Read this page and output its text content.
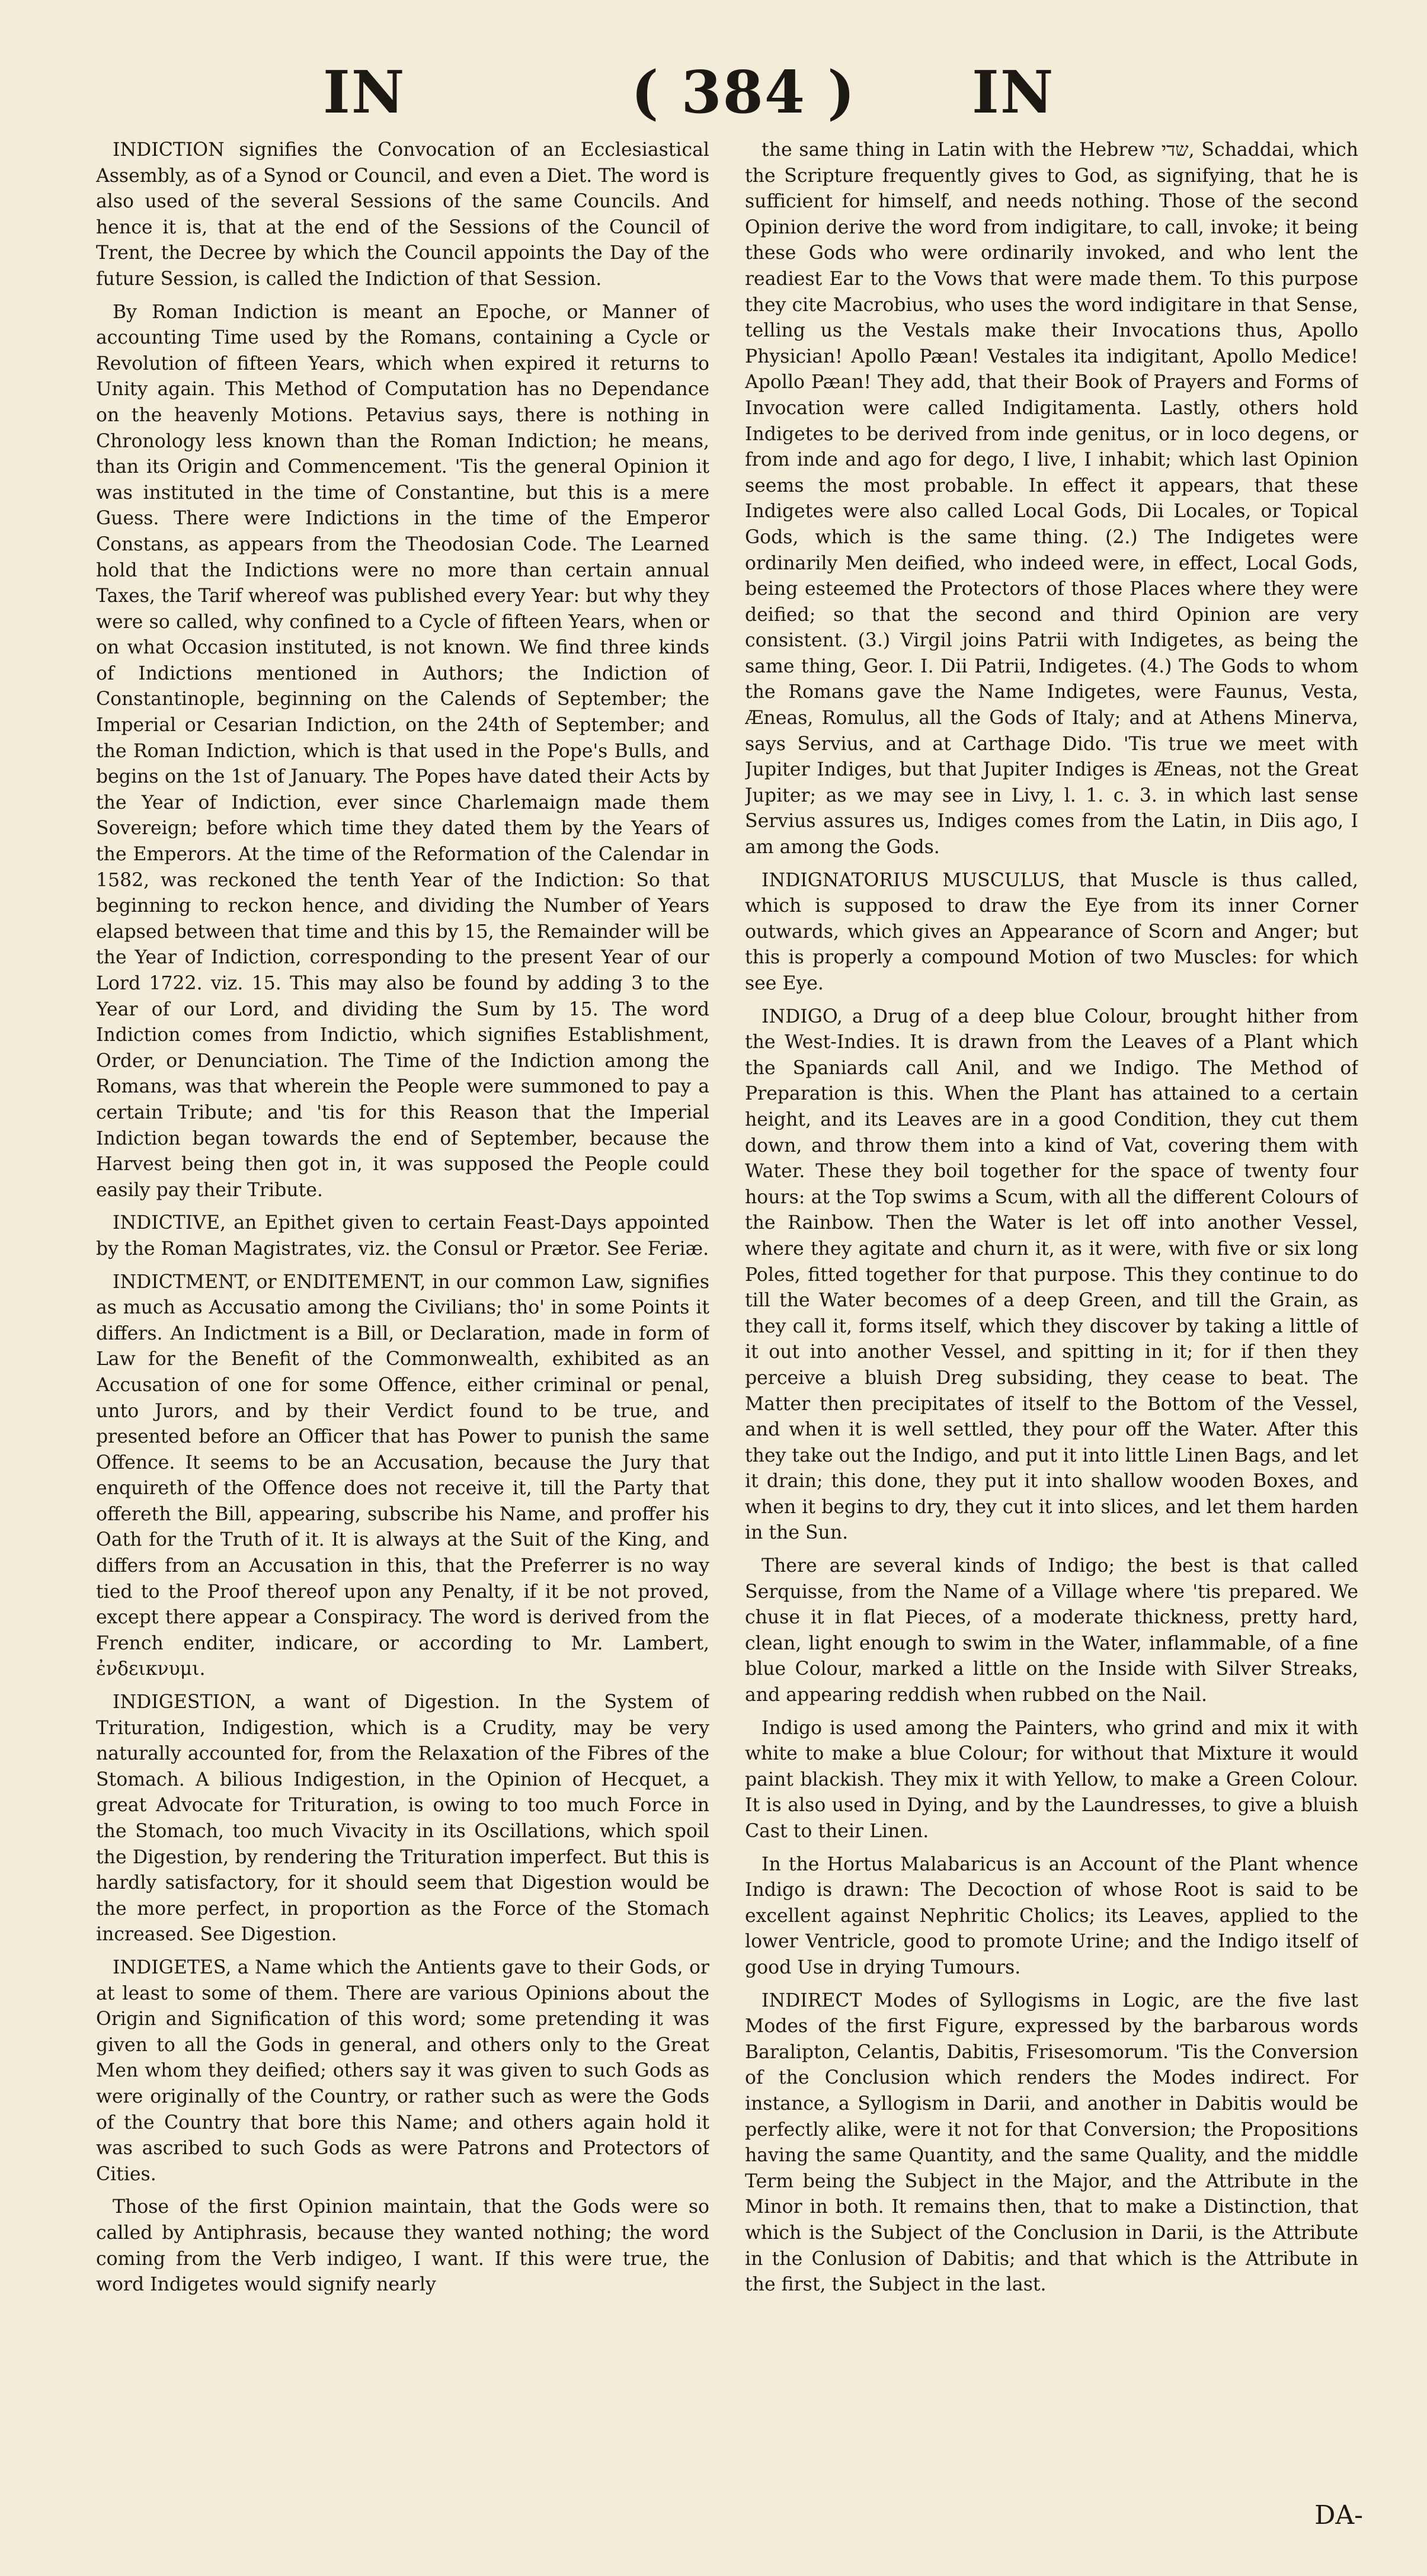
IN	( 384 ) IN

INDICTION signifies the Convocation of an Ecclesiastical Assembly, as of a Synod or Council, and even a Diet. The word is also used of the several Sessions of the same Councils. And hence it is, that at the end of the Sessions of the Council of Trent, the Decree by which the Council appoints the Day of the future Session, is called the Indiction of that Session.

By Roman Indiction is meant an Epoche, or Manner of accounting Time used by the Romans, containing a Cycle or Revolution of fifteen Years, which when expired it returns to Unity again. This Method of Computation has no Dependance on the heavenly Motions. Petavius says, there is nothing in Chronology less known than the Roman Indiction; he means, than its Origin and Commencement. 'Tis the general Opinion it was instituted in the time of Constantine, but this is a mere Guess. There were Indictions in the time of the Emperor Constans, as appears from the Theodosian Code. The Learned hold that the Indictions were no more than certain annual Taxes, the Tarif whereof was published every Year: but why they were so called, why confined to a Cycle of fifteen Years, when or on what Occasion instituted, is not known. We find three kinds of Indictions mentioned in Authors; the Indiction of Constantinople, beginning on the Calends of September; the Imperial or Cesarian Indiction, on the 24th of September; and the Roman Indiction, which is that used in the Pope's Bulls, and begins on the 1st of January. The Popes have dated their Acts by the Year of Indiction, ever since Charlemaign made them Sovereign; before which time they dated them by the Years of the Emperors. At the time of the Reformation of the Calendar in 1582, was reckoned the tenth Year of the Indiction: So that beginning to reckon hence, and dividing the Number of Years elapsed between that time and this by 15, the Remainder will be the Year of Indiction, corresponding to the present Year of our Lord 1722. viz. 15. This may also be found by adding 3 to the Year of our Lord, and dividing the Sum by 15. The word Indiction comes from Indictio, which signifies Establishment, Order, or Denunciation. The Time of the Indiction among the Romans, was that wherein the People were summoned to pay a certain Tribute; and 'tis for this Reason that the Imperial Indiction began towards the end of September, because the Harvest being then got in, it was supposed the People could easily pay their Tribute.

INDICTIVE, an Epithet given to certain Feast-Days appointed by the Roman Magistrates, viz. the Consul or Prætor. See Feriæ.

INDICTMENT, or ENDITEMENT, in our common Law, signifies as much as Accusatio among the Civilians; tho' in some Points it differs. An Indictment is a Bill, or Declaration, made in form of Law for the Benefit of the Commonwealth, exhibited as an Accusation of one for some Offence, either criminal or penal, unto Jurors, and by their Verdict found to be true, and presented before an Officer that has Power to punish the same Offence. It seems to be an Accusation, because the Jury that enquireth of the Offence does not receive it, till the Party that offereth the Bill, appearing, subscribe his Name, and proffer his Oath for the Truth of it. It is always at the Suit of the King, and differs from an Accusation in this, that the Preferrer is no way tied to the Proof thereof upon any Penalty, if it be not proved, except there appear a Conspiracy. The word is derived from the French enditer, indicare, or according to Mr. Lambert, ἐνδεικνυμι.

INDIGESTION, a want of Digestion. In the System of Trituration, Indigestion, which is a Crudity, may be very naturally accounted for, from the Relaxation of the Fibres of the Stomach. A bilious Indigestion, in the Opinion of Hecquet, a great Advocate for Trituration, is owing to too much Force in the Stomach, too much Vivacity in its Oscillations, which spoil the Digestion, by rendering the Trituration imperfect. But this is hardly satisfactory, for it should seem that Digestion would be the more perfect, in proportion as the Force of the Stomach increased. See Digestion.

INDIGETES, a Name which the Antients gave to their Gods, or at least to some of them. There are various Opinions about the Origin and Signification of this word; some pretending it was given to all the Gods in general, and others only to the Great Men whom they deified; others say it was given to such Gods as were originally of the Country, or rather such as were the Gods of the Country that bore this Name; and others again hold it was ascribed to such Gods as were Patrons and Protectors of Cities.

Those of the first Opinion maintain, that the Gods were so called by Antiphrasis, because they wanted nothing; the word coming from the Verb indigeo, I want. If this were true, the word Indigetes would signify nearly

the same thing in Latin with the Hebrew שדי, Schaddai, which the Scripture frequently gives to God, as signifying, that he is sufficient for himself, and needs nothing. Those of the second Opinion derive the word from indigitare, to call, invoke; it being these Gods who were ordinarily invoked, and who lent the readiest Ear to the Vows that were made them. To this purpose they cite Macrobius, who uses the word indigitare in that Sense, telling us the Vestals make their Invocations thus, Apollo Physician! Apollo Pæan! Vestales ita indigitant, Apollo Medice! Apollo Pæan! They add, that their Book of Prayers and Forms of Invocation were called Indigitamenta. Lastly, others hold Indigetes to be derived from inde genitus, or in loco degens, or from inde and ago for dego, I live, I inhabit; which last Opinion seems the most probable. In effect it appears, that these Indigetes were also called Local Gods, Dii Locales, or Topical Gods, which is the same thing. (2.) The Indigetes were ordinarily Men deified, who indeed were, in effect, Local Gods, being esteemed the Protectors of those Places where they were deified; so that the second and third Opinion are very consistent. (3.) Virgil joins Patrii with Indigetes, as being the same thing, Geor. I. Dii Patrii, Indigetes. (4.) The Gods to whom the Romans gave the Name Indigetes, were Faunus, Vesta, Æneas, Romulus, all the Gods of Italy; and at Athens Minerva, says Servius, and at Carthage Dido. 'Tis true we meet with Jupiter Indiges, but that Jupiter Indiges is Æneas, not the Great Jupiter; as we may see in Livy, l. 1. c. 3. in which last sense Servius assures us, Indiges comes from the Latin, in Diis ago, I am among the Gods.

INDIGNATORIUS MUSCULUS, that Muscle is thus called, which is supposed to draw the Eye from its inner Corner outwards, which gives an Appearance of Scorn and Anger; but this is properly a compound Motion of two Muscles: for which see Eye.

INDIGO, a Drug of a deep blue Colour, brought hither from the West-Indies. It is drawn from the Leaves of a Plant which the Spaniards call Anil, and we Indigo. The Method of Preparation is this. When the Plant has attained to a certain height, and its Leaves are in a good Condition, they cut them down, and throw them into a kind of Vat, covering them with Water. These they boil together for the space of twenty four hours: at the Top swims a Scum, with all the different Colours of the Rainbow. Then the Water is let off into another Vessel, where they agitate and churn it, as it were, with five or six long Poles, fitted together for that purpose. This they continue to do till the Water becomes of a deep Green, and till the Grain, as they call it, forms itself, which they discover by taking a little of it out into another Vessel, and spitting in it; for if then they perceive a bluish Dreg subsiding, they cease to beat. The Matter then precipitates of itself to the Bottom of the Vessel, and when it is well settled, they pour off the Water. After this they take out the Indigo, and put it into little Linen Bags, and let it drain; this done, they put it into shallow wooden Boxes, and when it begins to dry, they cut it into slices, and let them harden in the Sun.

There are several kinds of Indigo; the best is that called Serquisse, from the Name of a Village where 'tis prepared. We chuse it in flat Pieces, of a moderate thickness, pretty hard, clean, light enough to swim in the Water, inflammable, of a fine blue Colour, marked a little on the Inside with Silver Streaks, and appearing reddish when rubbed on the Nail.

Indigo is used among the Painters, who grind and mix it with white to make a blue Colour; for without that Mixture it would paint blackish. They mix it with Yellow, to make a Green Colour. It is also used in Dying, and by the Laundresses, to give a bluish Cast to their Linen.

In the Hortus Malabaricus is an Account of the Plant whence Indigo is drawn: The Decoction of whose Root is said to be excellent against Nephritic Cholics; its Leaves, applied to the lower Ventricle, good to promote Urine; and the Indigo itself of good Use in drying Tumours.

INDIRECT Modes of Syllogisms in Logic, are the five last Modes of the first Figure, expressed by the barbarous words Baralipton, Celantis, Dabitis, Frisesomorum. 'Tis the Conversion of the Conclusion which renders the Modes indirect. For instance, a Syllogism in Darii, and another in Dabitis would be perfectly alike, were it not for that Conversion; the Propositions having the same Quantity, and the same Quality, and the middle Term being the Subject in the Major, and the Attribute in the Minor in both. It remains then, that to make a Distinction, that which is the Subject of the Conclusion in Darii, is the Attribute in the Conlusion of Dabitis; and that which is the Attribute in the first, the Subject in the last.

DA-
